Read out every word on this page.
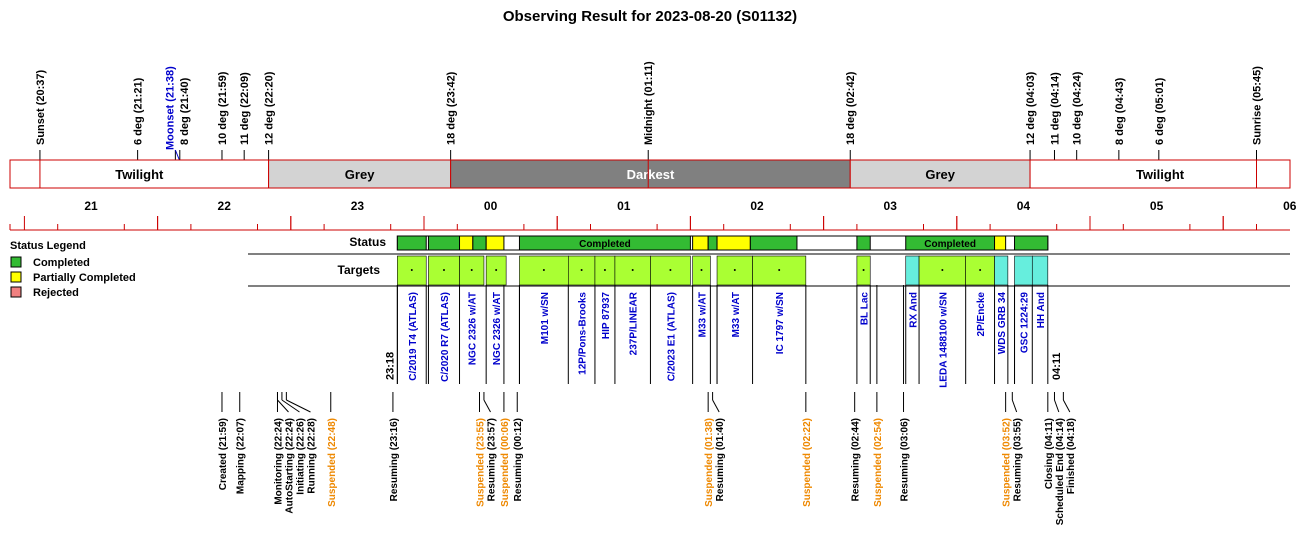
Observing Result for 2023-08-20 (S01132)
Sunset (20:37)	6 deg (21:21) Moonset (21:38) 8 deg (21:40) 10 deg (21:59) 11 deg (22:09) 12 deg (22:20)	18 deg (23:42)	Midnight (01:11)	18 deg (02:42)	12 deg (04:03) 11 deg (04:14) 10 deg (04:24)	8 deg (04:43)	6 deg (05:01)	Sunrise (05:45)
Twilight	Grey	Darkest	Grey	Twilight
21	22	23	00	01	02	03	04	05	06
Status Legend
Completed
Partially Completed
Rejected
Status
Targets
Completed	Completed
C/2019 T4 (ATLAS) C/2020 R7 (ATLAS) NGC 2326 w/AT NGC 2326 w/AT	M101 w/SN	12P/Pons-Brooks HIP 87937 237P/LINEAR	C/2023 E1 (ATLAS) M33 w/AT M33 w/AT	IC 1797 w/SN	BL Lac	RX And LEDA 1488100 w/SN	2P/Encke WDS GRB 34 GSC 1224:29 HH And
23:18	04:11
Created (21:59) Mapping (22:07)	Monitoring (22:24) AutoStarting (22:24) Initiating (22:26) Running (22:28) Suspended (22:48)	Resuming (23:16)	Suspended (23:55) Resuming (23:57) Suspended (00:06) Resuming (00:12)	Suspended (01:38) Resuming (01:40)	Suspended (02:22)	Resuming (02:44) Suspended (02:54) Resuming (03:06)	Suspended (03:52) Resuming (03:55) Closing (04:11) Scheduled End (04:14) Finished (04:18)
